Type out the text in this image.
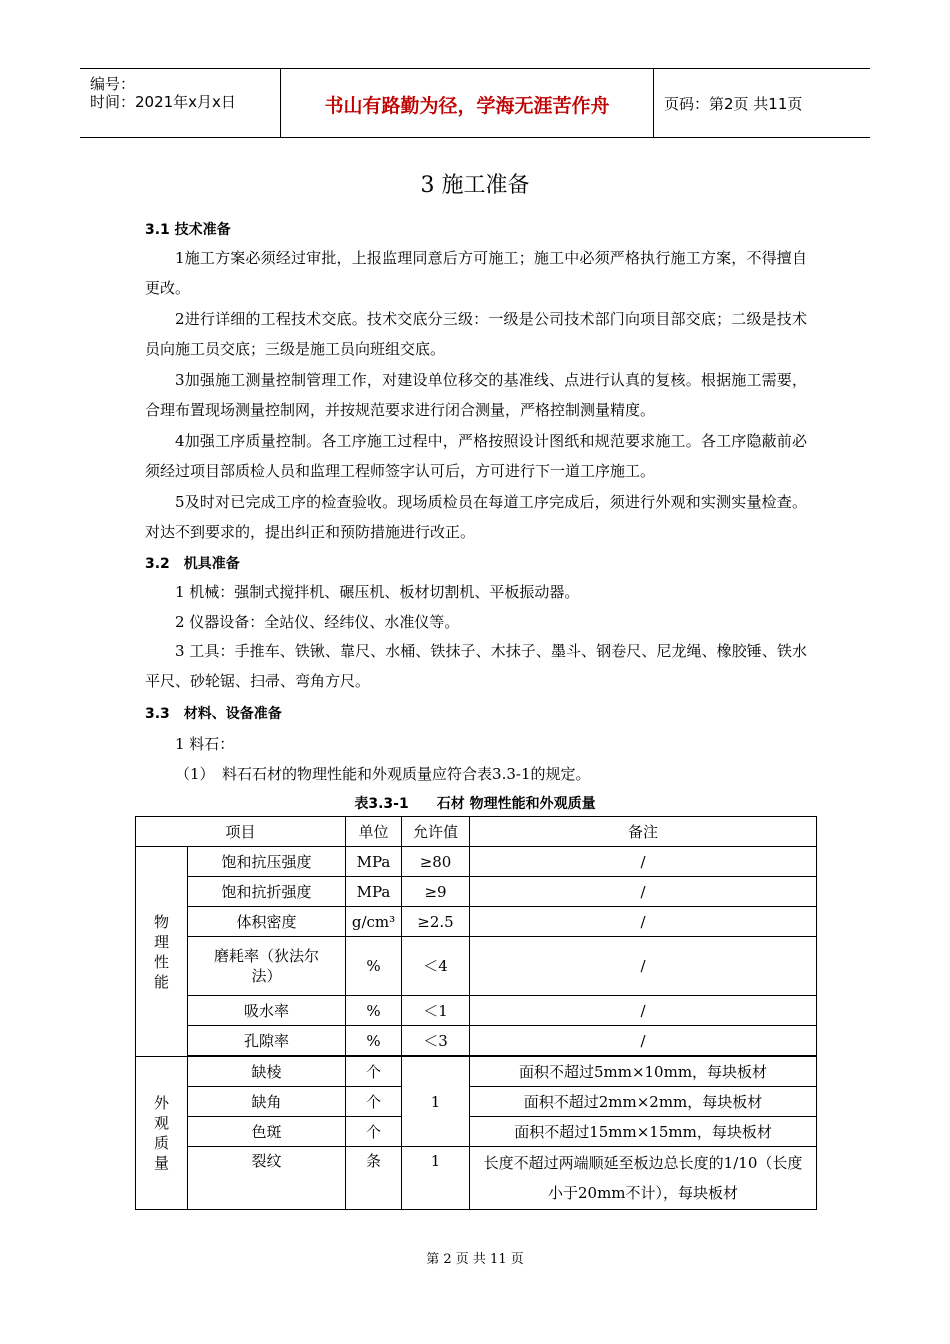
编号：
时间：2021年x月x日	书山有路勤为径，学海无涯苦作舟	页码：第2页 共11页
3 施工准备
3.1 技术准备
1施工方案必须经过审批，上报监理同意后方可施工；施工中必须严格执行施工方案，不得擅自更改。
2进行详细的工程技术交底。技术交底分三级：一级是公司技术部门向项目部交底；二级是技术员向施工员交底；三级是施工员向班组交底。
3加强施工测量控制管理工作，对建设单位移交的基准线、点进行认真的复核。根据施工需要，合理布置现场测量控制网，并按规范要求进行闭合测量，严格控制测量精度。
4加强工序质量控制。各工序施工过程中，严格按照设计图纸和规范要求施工。各工序隐蔽前必须经过项目部质检人员和监理工程师签字认可后，方可进行下一道工序施工。
5及时对已完成工序的检查验收。现场质检员在每道工序完成后，须进行外观和实测实量检查。对达不到要求的，提出纠正和预防措施进行改正。
3.2　机具准备
1 机械：强制式搅拌机、碾压机、板材切割机、平板振动器。
2 仪器设备：全站仪、经纬仪、水准仪等。
3 工具：手推车、铁锹、靠尺、水桶、铁抹子、木抹子、墨斗、钢卷尺、尼龙绳、橡胶锤、铁水平尺、砂轮锯、扫帚、弯角方尺。
3.3　材料、设备准备
1 料石：
（1）　料石石材的物理性能和外观质量应符合表3.3-1的规定。
表3.3-1　　石材 物理性能和外观质量
项目		单位	允许值	备注
物
理
性
能	饱和抗压强度	MPa	≥80	/
	饱和抗折强度	MPa	≥9	/
	体积密度	g/cm³	≥2.5	/
	磨耗率（狄法尔法）	%	＜4	/
	吸水率	%	＜1	/
	孔隙率	%	＜3	/

外
观
质
量	缺棱	个	1	面积不超过5mm×10mm，每块板材
	缺角	个		面积不超过2mm×2mm，每块板材
	色斑	个		面积不超过15mm×15mm，每块板材
	裂纹	条	1	长度不超过两端顺延至板边总长度的1/10（长度小于20mm不计），每块板材
第 2 页 共 11 页
